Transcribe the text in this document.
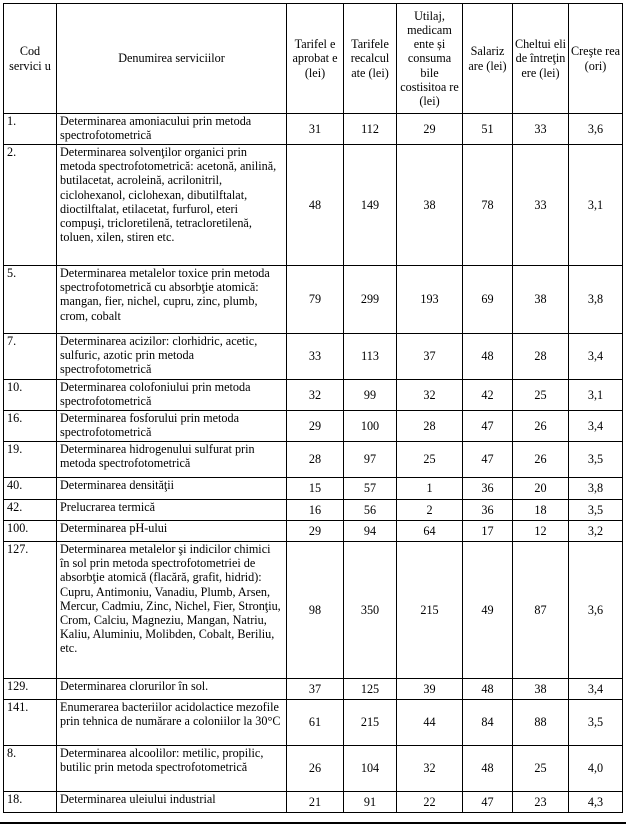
Cod servici u	Denumirea serviciilor	Tarifel e aprobat e (lei)	Tarifele recalcul ate (lei)	Utilaj, medicam ente și consuma bile costisitoa re (lei)	Salariz are (lei)	Cheltui eli de întreţin ere (lei)	Creşte rea (ori)
1.	Determinarea amoniacului prin metoda spectrofotometrică	31	112	29	51	33	3,6
2.	Determinarea solvenţilor organici prin metoda spectrofotometrică: acetonă, anilină, butilacetat, acroleină, acrilonitril, ciclohexanol, ciclohexan, dibutilftalat, dioctilftalat, etilacetat, furfurol, eteri compuşi, tricloretilenă, tetracloretilenă, toluen, xilen, stiren etc.	48	149	38	78	33	3,1
5.	Determinarea metalelor toxice prin metoda spectrofotometrică cu absorbţie atomică: mangan, fier, nichel, cupru, zinc, plumb, crom, cobalt	79	299	193	69	38	3,8
7.	Determinarea acizilor: clorhidric, acetic, sulfuric, azotic prin metoda spectrofotometrică	33	113	37	48	28	3,4
10.	Determinarea colofoniului prin metoda spectrofotometrică	32	99	32	42	25	3,1
16.	Determinarea fosforului prin metoda spectrofotometrică	29	100	28	47	26	3,4
19.	Determinarea hidrogenului sulfurat prin metoda spectrofotometrică	28	97	25	47	26	3,5
40.	Determinarea densităţii	15	57	1	36	20	3,8
42.	Prelucrarea termică	16	56	2	36	18	3,5
100.	Determinarea pH-ului	29	94	64	17	12	3,2
127.	Determinarea metalelor şi indicilor chimici în sol prin metoda spectrofotometriei de absorbţie atomică (flacără, grafit, hidrid): Cupru, Antimoniu, Vanadiu, Plumb, Arsen, Mercur, Cadmiu, Zinc, Nichel, Fier, Stronţiu, Crom, Calciu, Magneziu, Mangan, Natriu, Kaliu, Aluminiu, Molibden, Cobalt, Beriliu, etc.	98	350	215	49	87	3,6
129.	Determinarea clorurilor în sol.	37	125	39	48	38	3,4
141.	Enumerarea bacteriilor acidolactice mezofile prin tehnica de numărare a coloniilor la 30°C	61	215	44	84	88	3,5
8.	Determinarea alcoolilor: metilic, propilic, butilic prin metoda spectrofotometrică	26	104	32	48	25	4,0
18.	Determinarea uleiului industrial	21	91	22	47	23	4,3
